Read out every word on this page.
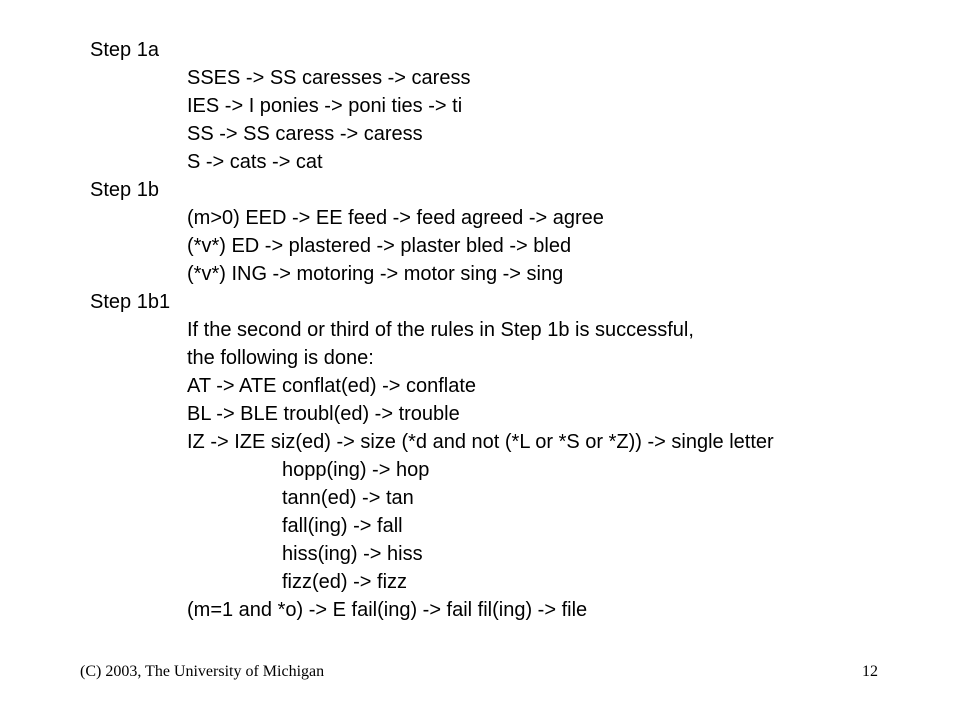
Step 1a
SSES -> SS caresses -> caress
IES -> I ponies -> poni ties -> ti
SS -> SS caress -> caress
S -> cats -> cat
Step 1b
(m>0) EED -> EE feed -> feed agreed -> agree
(*v*) ED -> plastered -> plaster bled -> bled
(*v*) ING -> motoring -> motor sing -> sing
Step 1b1
If the second or third of the rules in Step 1b is successful,
the following is done:
AT -> ATE conflat(ed) -> conflate
BL -> BLE troubl(ed) -> trouble
IZ -> IZE siz(ed) -> size (*d and not (*L or *S or *Z)) -> single letter
hopp(ing) -> hop
tann(ed) -> tan
fall(ing) -> fall
hiss(ing) -> hiss
fizz(ed) -> fizz
(m=1 and *o) -> E fail(ing) -> fail fil(ing) -> file
(C) 2003, The University of Michigan	12
